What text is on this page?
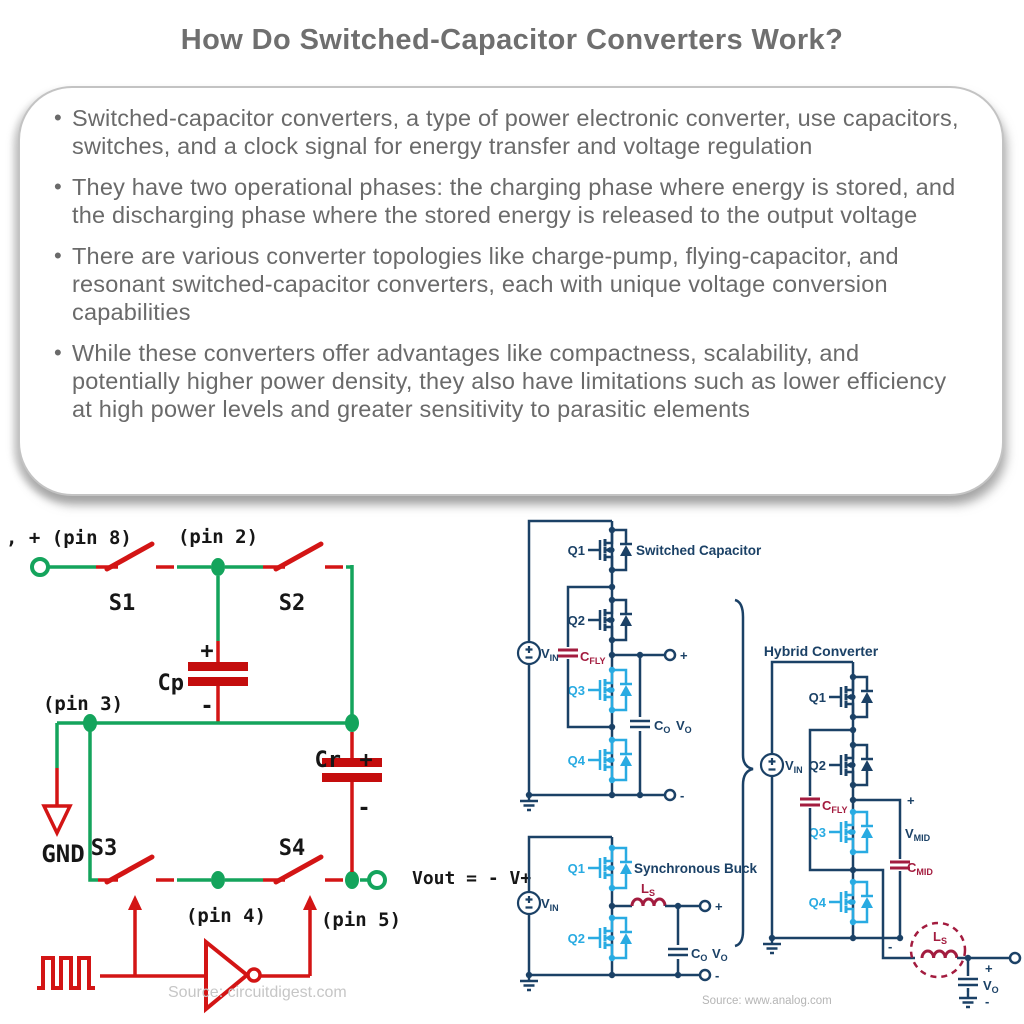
How Do Switched-Capacitor Converters Work?
•
Switched-capacitor converters, a type of power electronic converter, use capacitors, switches, and a clock signal for energy transfer and voltage regulation
•
They have two operational phases: the charging phase where energy is stored, and the discharging phase where the stored energy is released to the output voltage
•
There are various converter topologies like charge-pump, flying-capacitor, and resonant switched-capacitor converters, each with unique voltage conversion capabilities
•
While these converters offer advantages like compactness, scalability, and potentially higher power density, they also have limitations such as lower efficiency at high power levels and greater sensitivity to parasitic elements
, + (pin 8)
S1
(pin 2)
S2
+
Cp
-
(pin 3)
GND S3
(pin 4)
S4
(pin 5)
Cr +
-
Vout = - V+
Source: circuitdigest.com
$V_{IN}$
Q1
Q2
Q3
Q4
Switched Capacitor
$C_{FLY}$	+
$C_O$ $V_O$
-
$V_{IN}$
Q1
Q2
Synchronous Buck
$L_S$
+
$C_O$ $V_O$
-
Hybrid Converter
$V_{IN}$
Q1
Q2
Q3
Q4
$C_{FLY}$
+
$V_{MID}$
$C_{MID}$
-
$L_S$
+
$V_O$
-
Source: www.analog.com
